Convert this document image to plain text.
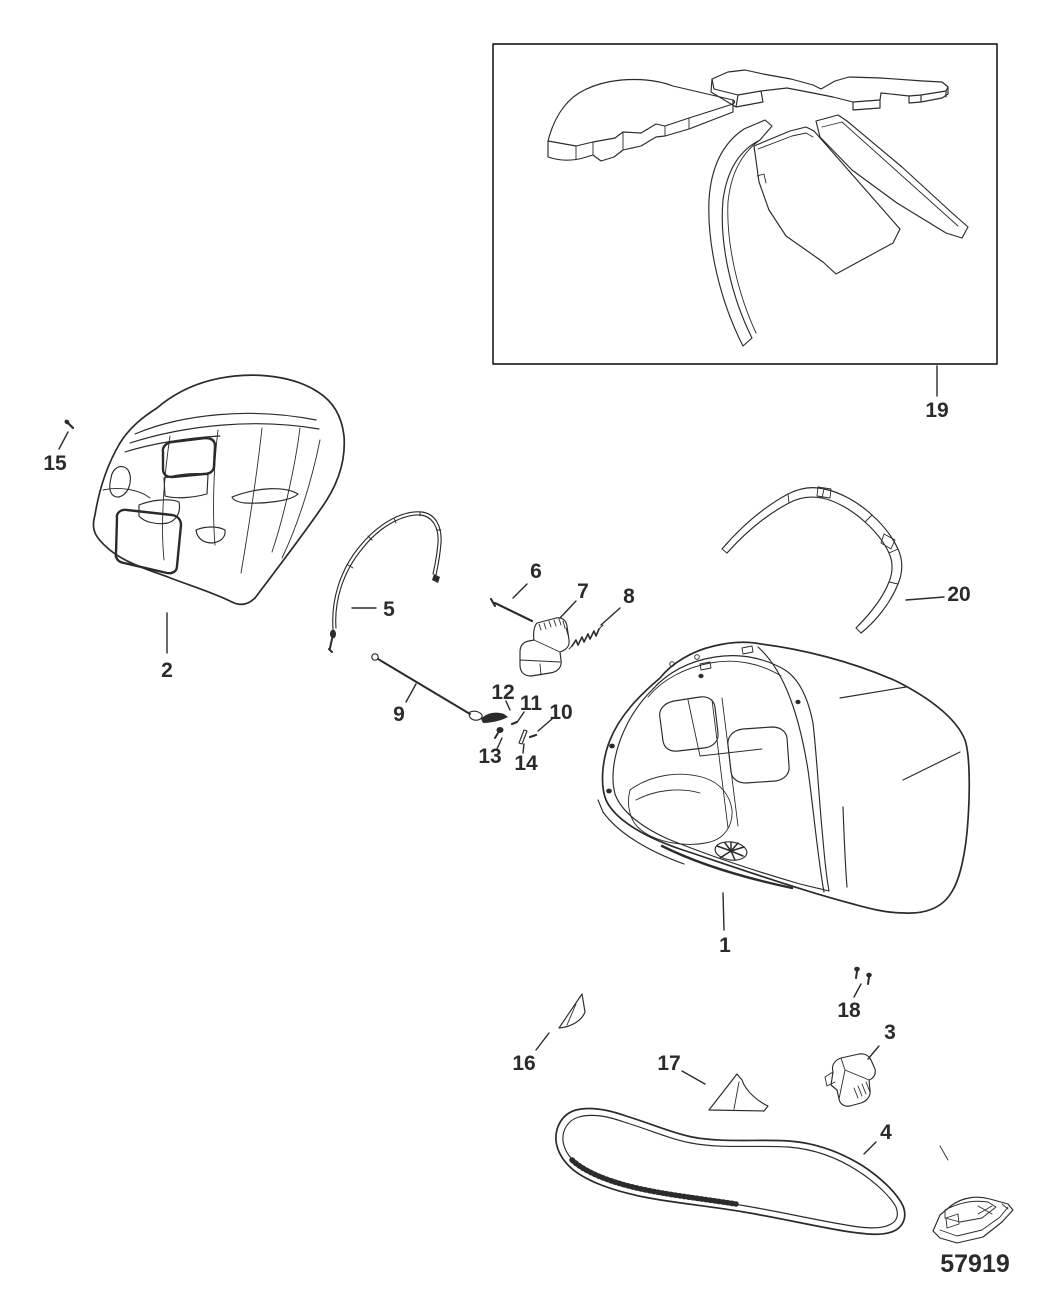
57919
1
2
3
4
5
6
7 8
9	10
11
12
13 14
15
16	17
18
19
20
